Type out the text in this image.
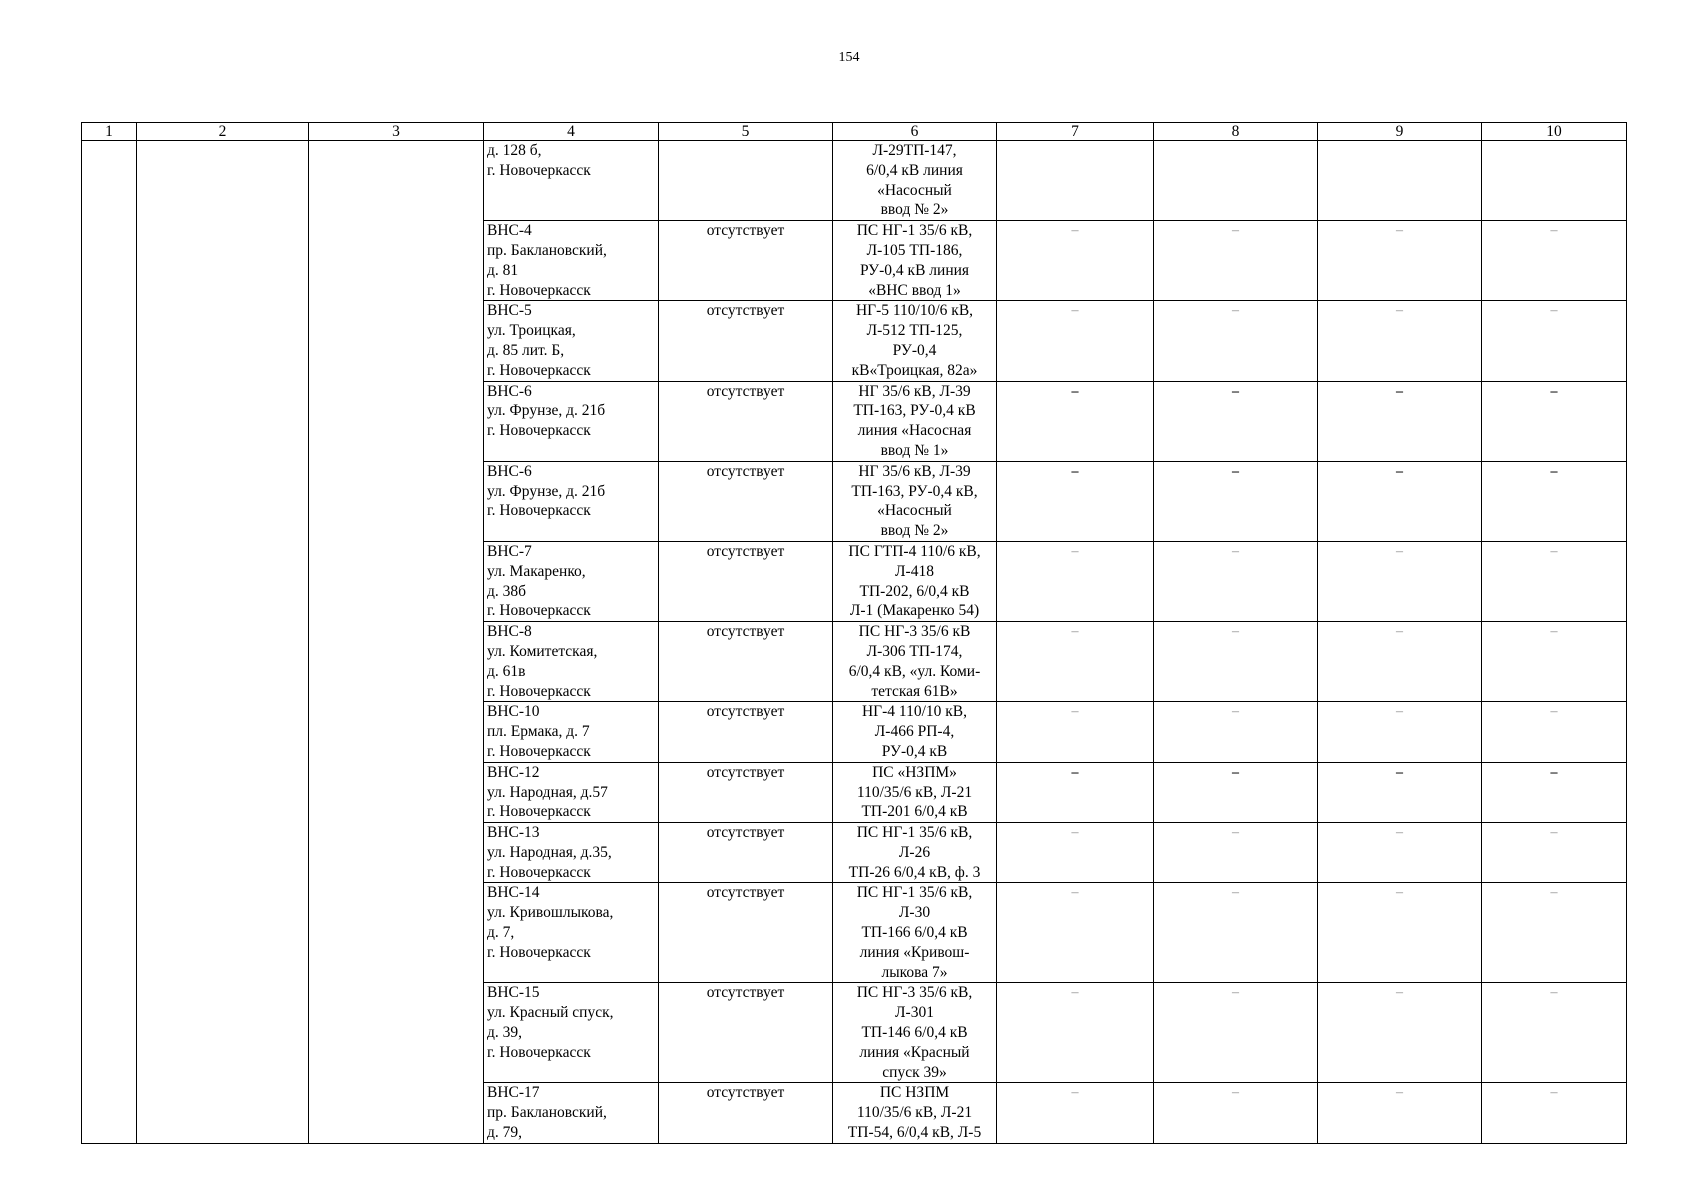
154
1	2	3	4	5	6	7	8	9	10
			д. 128 б,
г. Новочеркасск		Л-29ТП-147,
6/0,4 кВ линия
«Насосный
ввод № 2»				
			ВНС-4
пр. Баклановский,
д. 81
г. Новочеркасск	отсутствует	ПС НГ-1 35/6 кВ,
Л-105 ТП-186,
РУ-0,4 кВ линия
«ВНС ввод 1»	–	–	–	–
			ВНС-5
ул. Троицкая,
д. 85 лит. Б,
г. Новочеркасск	отсутствует	НГ-5 110/10/6 кВ,
Л-512 ТП-125,
РУ-0,4
кВ«Троицкая, 82а»	–	–	–	–
			ВНС-6
ул. Фрунзе, д. 21б
г. Новочеркасск	отсутствует	НГ 35/6 кВ, Л-39
ТП-163, РУ-0,4 кВ
линия «Насосная
ввод № 1»	–	–	–	–
			ВНС-6
ул. Фрунзе, д. 21б
г. Новочеркасск	отсутствует	НГ 35/6 кВ, Л-39
ТП-163, РУ-0,4 кВ,
«Насосный
ввод № 2»	–	–	–	–
			ВНС-7
ул. Макаренко,
д. 38б
г. Новочеркасск	отсутствует	ПС ГТП-4 110/6 кВ,
Л-418
ТП-202, 6/0,4 кВ
Л-1 (Макаренко 54)	–	–	–	–
			ВНС-8
ул. Комитетская,
д. 61в
г. Новочеркасск	отсутствует	ПС НГ-3 35/6 кВ
Л-306 ТП-174,
6/0,4 кВ, «ул. Коми-
тетская 61В»	–	–	–	–
			ВНС-10
пл. Ермака, д. 7
г. Новочеркасск	отсутствует	НГ-4 110/10 кВ,
Л-466 РП-4,
РУ-0,4 кВ	–	–	–	–
			ВНС-12
ул. Народная, д.57
г. Новочеркасск	отсутствует	ПС «НЗПМ»
110/35/6 кВ, Л-21
ТП-201 6/0,4 кВ	–	–	–	–
			ВНС-13
ул. Народная, д.35,
г. Новочеркасск	отсутствует	ПС НГ-1 35/6 кВ,
Л-26
ТП-26 6/0,4 кВ, ф. 3	–	–	–	–
			ВНС-14
ул. Кривошлыкова,
д. 7,
г. Новочеркасск	отсутствует	ПС НГ-1 35/6 кВ,
Л-30
ТП-166 6/0,4 кВ
линия «Кривош-
лыкова 7»	–	–	–	–
			ВНС-15
ул. Красный спуск,
д. 39,
г. Новочеркасск	отсутствует	ПС НГ-3 35/6 кВ,
Л-301
ТП-146 6/0,4 кВ
линия «Красный
спуск 39»	–	–	–	–
			ВНС-17
пр. Баклановский,
д. 79,	отсутствует	ПС НЗПМ
110/35/6 кВ, Л-21
ТП-54, 6/0,4 кВ, Л-5	–	–	–	–
